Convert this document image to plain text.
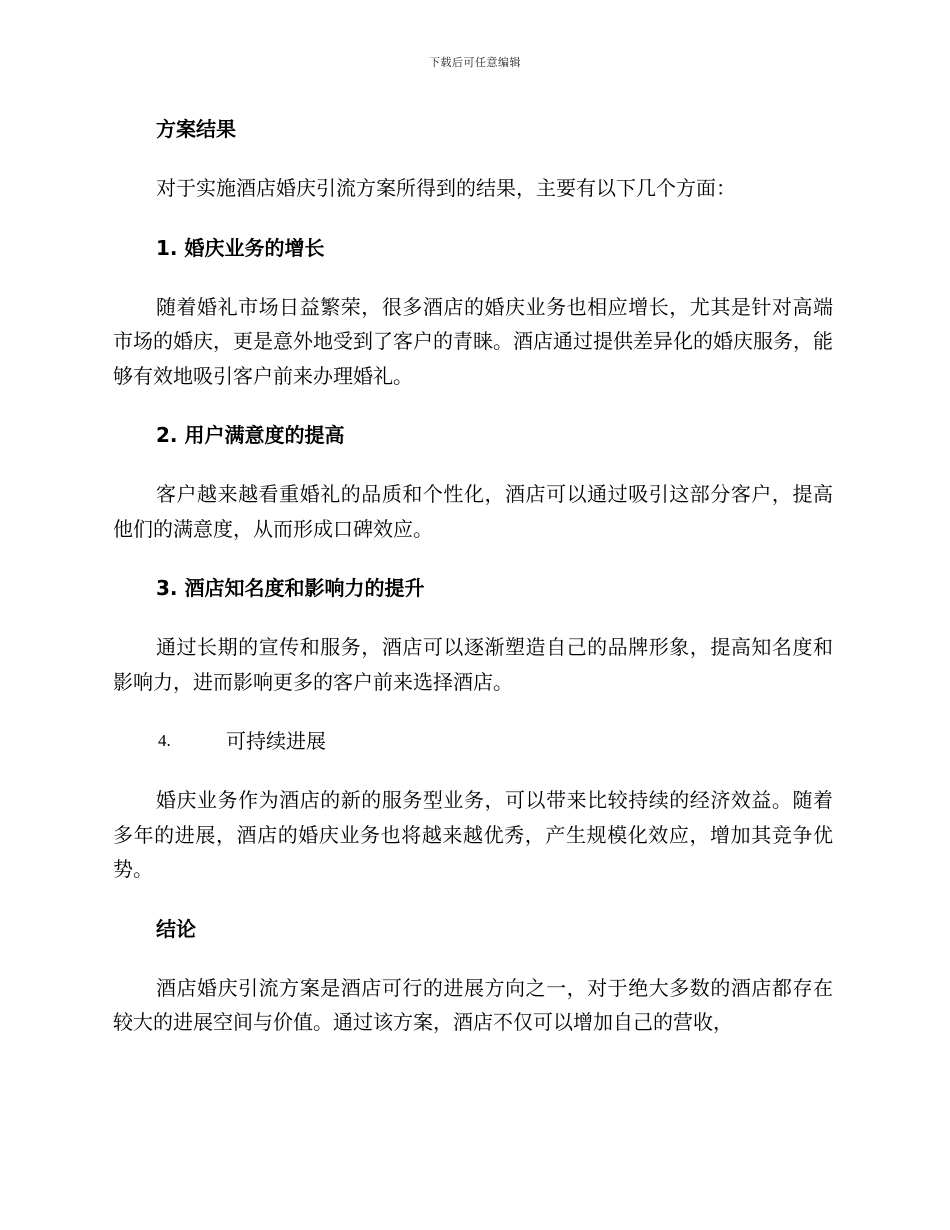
下载后可任意编辑

方案结果

对于实施酒店婚庆引流方案所得到的结果，主要有以下几个方面：

1. 婚庆业务的增长

随着婚礼市场日益繁荣，很多酒店的婚庆业务也相应增长，尤其是针对高端市场的婚庆，更是意外地受到了客户的青睐。酒店通过提供差异化的婚庆服务，能够有效地吸引客户前来办理婚礼。

2. 用户满意度的提高

客户越来越看重婚礼的品质和个性化，酒店可以通过吸引这部分客户，提高他们的满意度，从而形成口碑效应。

3. 酒店知名度和影响力的提升

通过长期的宣传和服务，酒店可以逐渐塑造自己的品牌形象，提高知名度和影响力，进而影响更多的客户前来选择酒店。

4.	可持续进展

婚庆业务作为酒店的新的服务型业务，可以带来比较持续的经济效益。随着多年的进展，酒店的婚庆业务也将越来越优秀，产生规模化效应，增加其竞争优势。

结论

酒店婚庆引流方案是酒店可行的进展方向之一，对于绝大多数的酒店都存在较大的进展空间与价值。通过该方案，酒店不仅可以增加自己的营收，
